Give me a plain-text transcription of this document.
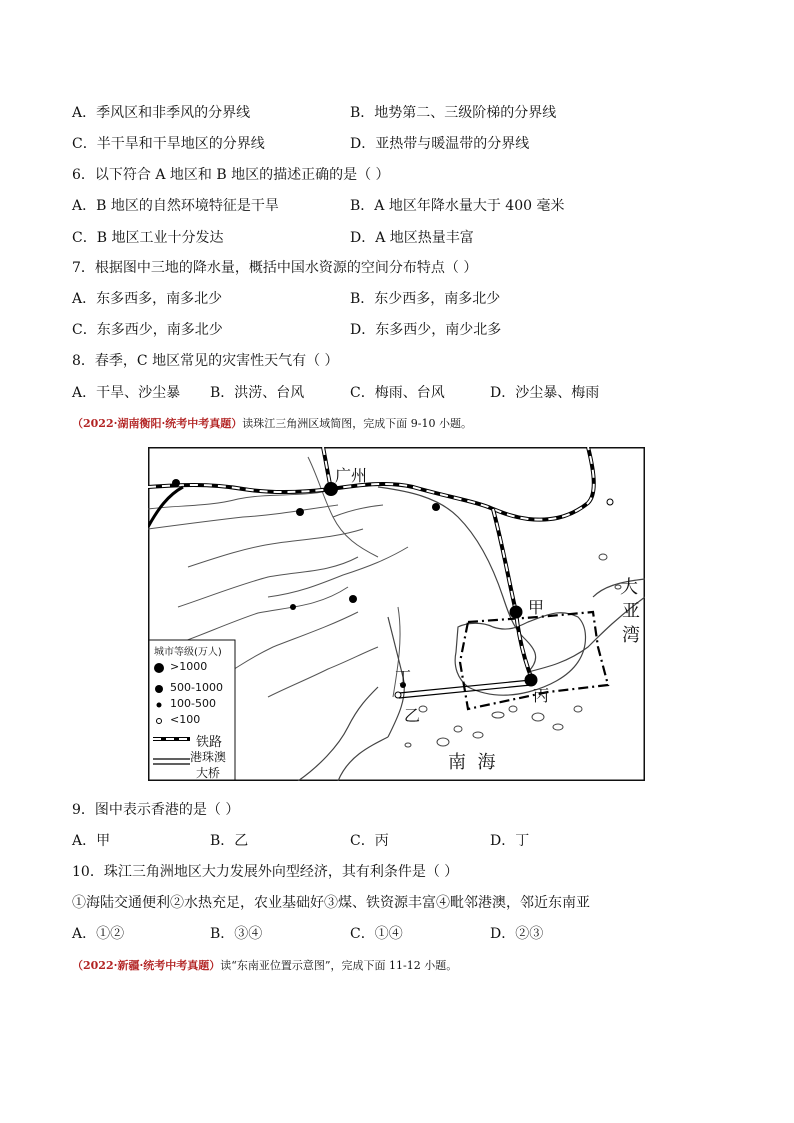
A．季风区和非季风的分界线	B．地势第二、三级阶梯的分界线
C．半干旱和干旱地区的分界线	D．亚热带与暖温带的分界线
6．以下符合 A 地区和 B 地区的描述正确的是（ ）
A．B 地区的自然环境特征是干旱	B．A 地区年降水量大于 400 毫米
C．B 地区工业十分发达	D．A 地区热量丰富
7．根据图中三地的降水量，概括中国水资源的空间分布特点（ ）
A．东多西多，南多北少	B．东少西多，南多北少
C．东多西少，南多北少	D．东多西少，南少北多
8．春季，C 地区常见的灾害性天气有（ ）
A．干旱、沙尘暴 B．洪涝、台风	C．梅雨、台风	D．沙尘暴、梅雨
（2022·湖南衡阳·统考中考真题）读珠江三角洲区域简图，完成下面 9-10 小题。
广州
甲
丙
丁
乙
大
亚
湾
南  海
城市等级(万人)
>1000
500-1000
100-500
<100
铁路
港珠澳
大桥
9．图中表示香港的是（ ）
A．甲	B．乙	C．丙	D．丁
10．珠江三角洲地区大力发展外向型经济，其有利条件是（ ）
①海陆交通便利②水热充足，农业基础好③煤、铁资源丰富④毗邻港澳，邻近东南亚
A．①②	B．③④	C．①④	D．②③
（2022·新疆·统考中考真题）读“东南亚位置示意图”，完成下面 11-12 小题。
